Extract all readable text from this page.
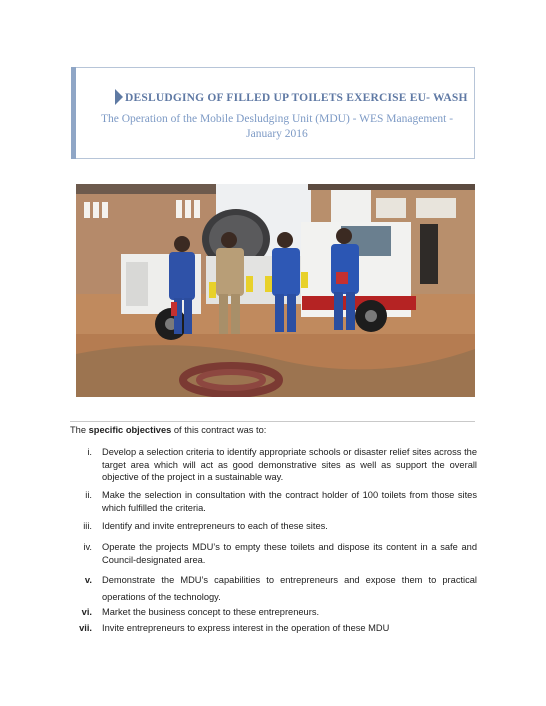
DESLUDGING OF FILLED UP TOILETS EXERCISE EU- WASH
The Operation of the Mobile Desludging Unit (MDU) - WES Management - January 2016
The specific objectives of this contract was to:
i. Develop a selection criteria to identify appropriate schools or disaster relief sites across the target area which will act as good demonstrative sites as well as support the overall objective of the project in a sustainable way.
ii. Make the selection in consultation with the contract holder of 100 toilets from those sites which fulfilled the criteria.
iii. Identify and invite entrepreneurs to each of these sites.
iv. Operate the projects MDU’s to empty these toilets and dispose its content in a safe and Council-designated area.
v. Demonstrate the MDU’s capabilities to entrepreneurs and expose them to practical operations of the technology.
vi. Market the business concept to these entrepreneurs.
vii. Invite entrepreneurs to express interest in the operation of these MDU
